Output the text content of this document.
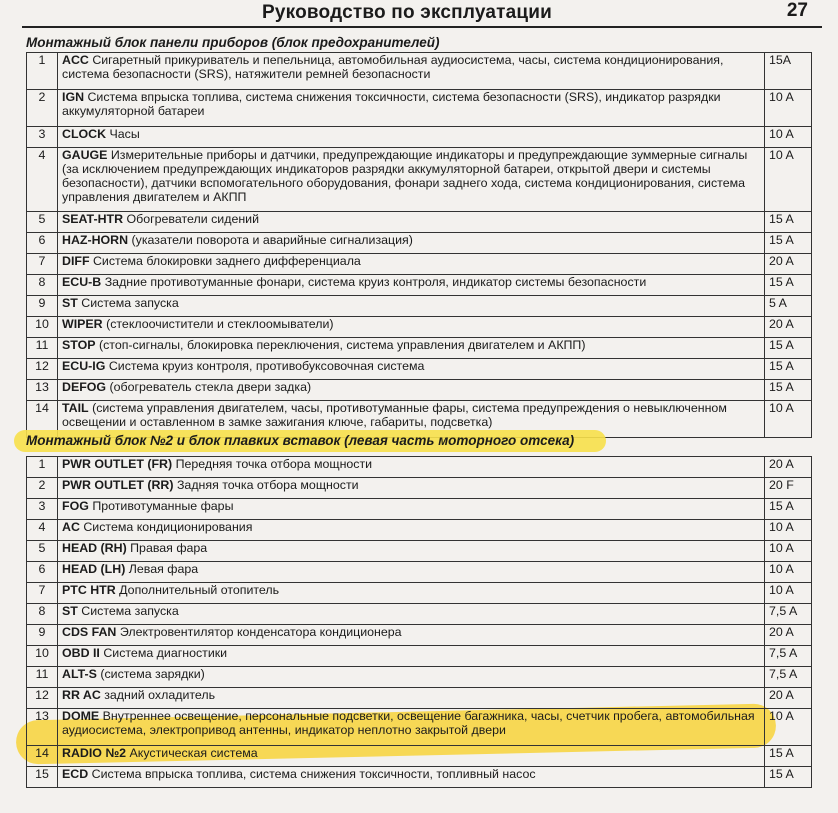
Руководство по эксплуатации	27
Монтажный блок панели приборов (блок предохранителей)
1	ACC Сигаретный прикуриватель и пепельница, автомобильная аудиосистема, часы, система кондиционирования, система безопасности (SRS), натяжители ремней безопасности	15A
2	IGN Система впрыска топлива, система снижения токсичности, система безопасности (SRS), индикатор разрядки аккумуляторной батареи	10 A
3	CLOCK Часы	10 A
4	GAUGE Измерительные приборы и датчики, предупреждающие индикаторы и предупреждающие зуммерные сигналы (за исключением предупреждающих индикаторов разрядки аккумуляторной батареи, открытой двери и системы безопасности), датчики вспомогательного оборудования, фонари заднего хода, система кондиционирования, система управления двигателем и АКПП	10 A
5	SEAT-HTR Обогреватели сидений	15 A
6	HAZ-HORN (указатели поворота и аварийные сигнализация)	15 A
7	DIFF Система блокировки заднего дифференциала	20 A
8	ECU-B Задние противотуманные фонари, система круиз контроля, индикатор системы безопасности	15 A
9	ST Система запуска	5 A
10	WIPER (стеклоочистители и стеклоомыватели)	20 A
11	STOP (стоп-сигналы, блокировка переключения, система управления двигателем и АКПП)	15 A
12	ECU-IG Система круиз контроля, противобуксовочная система	15 A
13	DEFOG (обогреватель стекла двери задка)	15 A
14	TAIL (система управления двигателем, часы, противотуманные фары, система предупреждения о невыключенном освещении и оставленном в замке зажигания ключе, габариты, подсветка)	10 A
Монтажный блок №2 и блок плавких вставок (левая часть моторного отсека)
1	PWR OUTLET (FR) Передняя точка отбора мощности	20 A
2	PWR OUTLET (RR) Задняя точка отбора мощности	20 F
3	FOG Противотуманные фары	15 A
4	AC Система кондиционирования	10 A
5	HEAD (RH) Правая фара	10 A
6	HEAD (LH) Левая фара	10 A
7	PTC HTR Дополнительный отопитель	10 A
8	ST Система запуска	7,5 A
9	CDS FAN Электровентилятор конденсатора кондиционера	20 A
10	OBD II Система диагностики	7,5 A
11	ALT-S (система зарядки)	7,5 A
12	RR AC задний охладитель	20 A
13	DOME Внутреннее освещение, персональные подсветки, освещение багажника, часы, счетчик пробега, автомобильная аудиосистема, электропривод антенны, индикатор неплотно закрытой двери	10 A
14	RADIO №2 Акустическая система	15 A
15	ECD Система впрыска топлива, система снижения токсичности, топливный насос	15 A
